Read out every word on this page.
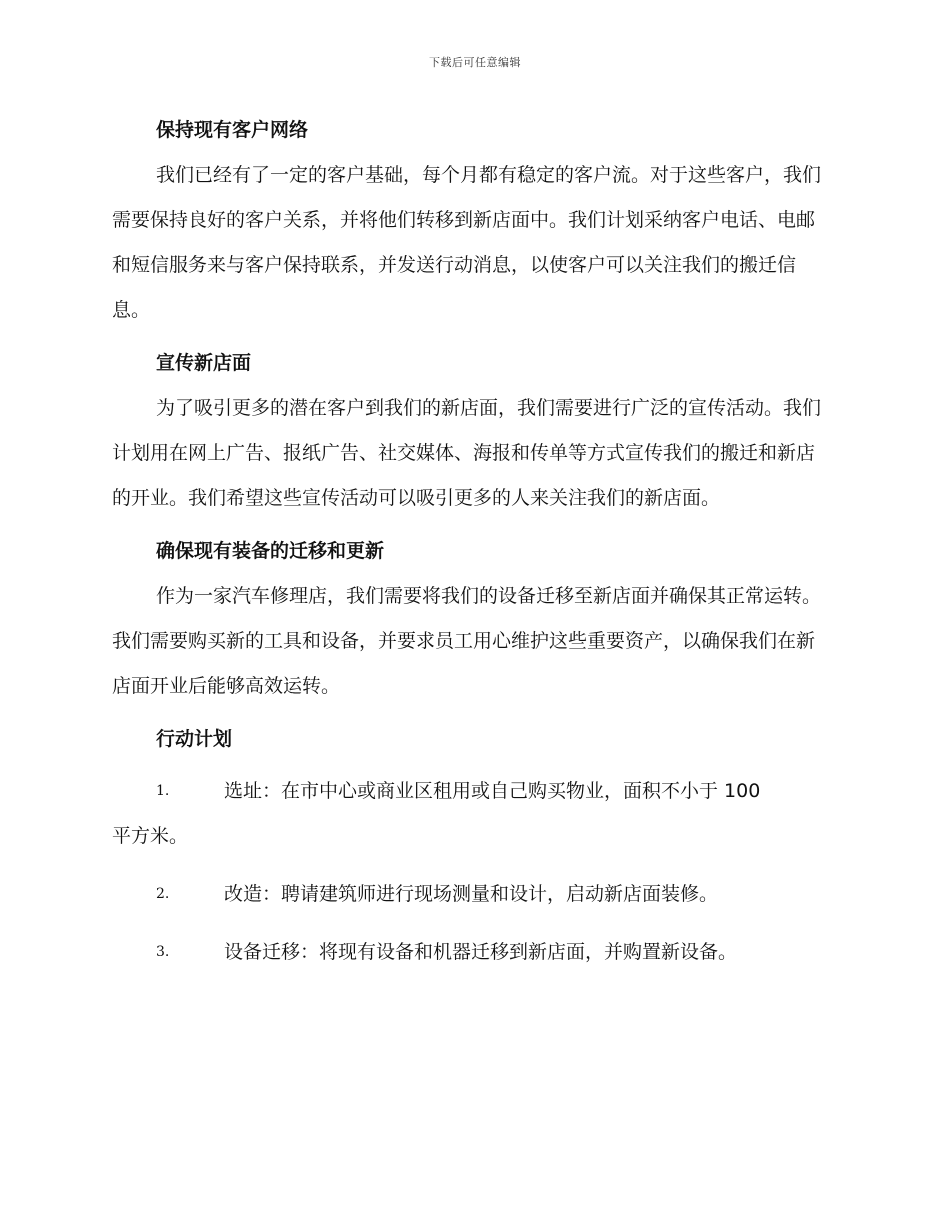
下载后可任意编辑
保持现有客户网络

我们已经有了一定的客户基础，每个月都有稳定的客户流。对于这些客户，我们需要保持良好的客户关系，并将他们转移到新店面中。我们计划采纳客户电话、电邮和短信服务来与客户保持联系，并发送行动消息，以使客户可以关注我们的搬迁信息。

宣传新店面

为了吸引更多的潜在客户到我们的新店面，我们需要进行广泛的宣传活动。我们计划用在网上广告、报纸广告、社交媒体、海报和传单等方式宣传我们的搬迁和新店的开业。我们希望这些宣传活动可以吸引更多的人来关注我们的新店面。

确保现有装备的迁移和更新

作为一家汽车修理店，我们需要将我们的设备迁移至新店面并确保其正常运转。我们需要购买新的工具和设备，并要求员工用心维护这些重要资产，以确保我们在新店面开业后能够高效运转。

行动计划

1.	选址：在市中心或商业区租用或自己购买物业，面积不小于 100
平方米。

2.	改造：聘请建筑师进行现场测量和设计，启动新店面装修。

3.	设备迁移：将现有设备和机器迁移到新店面，并购置新设备。
